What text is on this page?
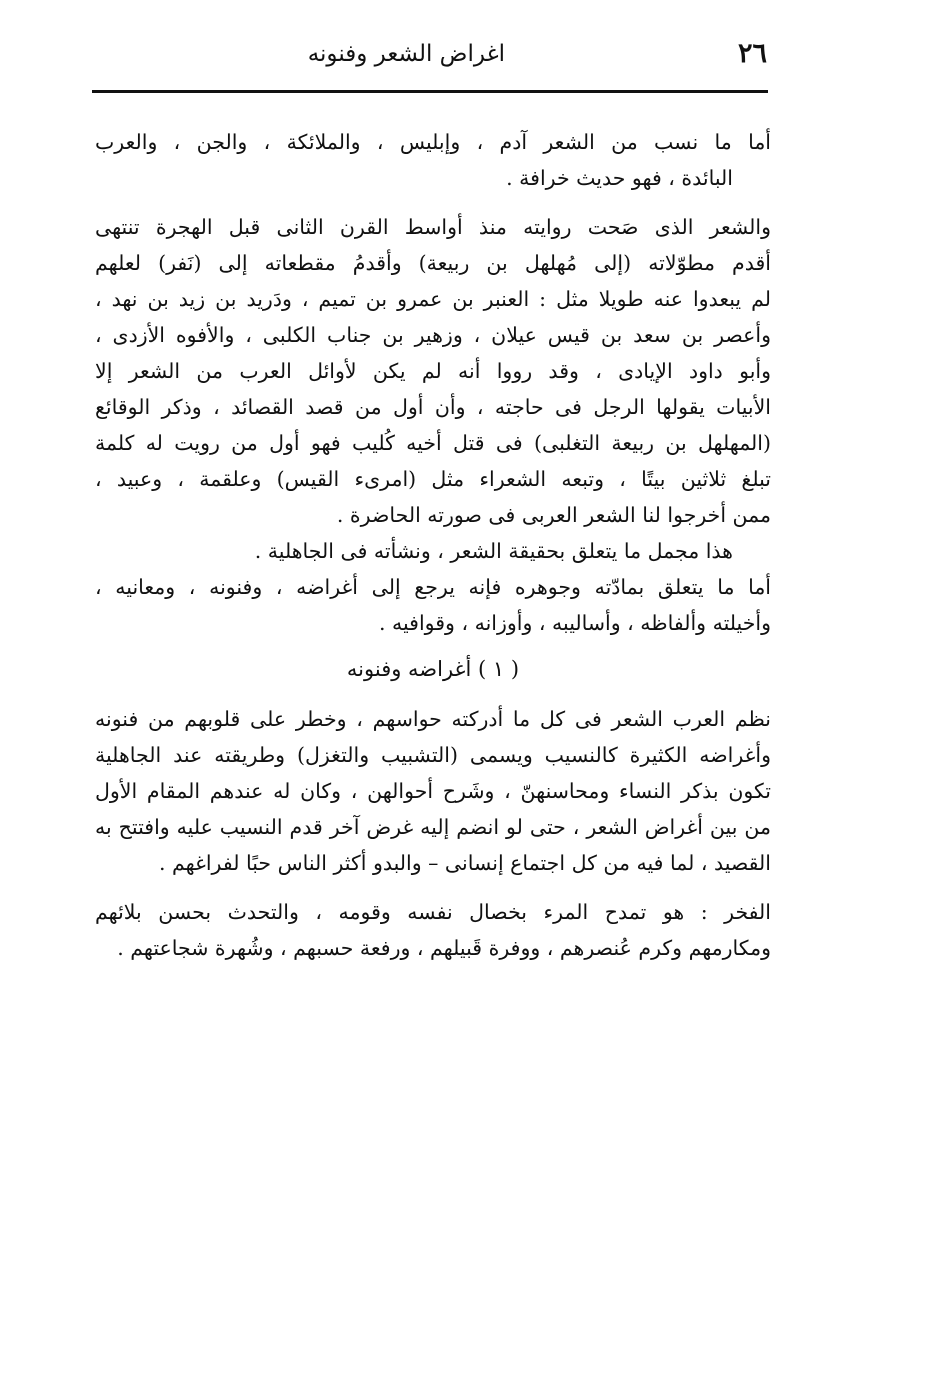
٢٦
اغراض الشعر وفنونه
أما ما نسب من الشعر آدم ، وإبليس ، والملائكة ، والجن ، والعرب
البائدة ، فهو حديث خرافة .
والشعر الذى صَحت روايته منذ أواسط القرن الثانى قبل الهجرة تنتهى
أقدم مطوّلاته (إلى مُهلهل بن ربيعة) وأقدمُ مقطعاته إلى (نَفر) لعلهم
لم يبعدوا عنه طويلا مثل : العنبر بن عمرو بن تميم ، ودَريد بن زيد بن نهد ،
وأعصر بن سعد بن قيس عيلان ، وزهير بن جناب الكلبى ، والأفوه الأزدى ،
وأبو داود الإيادى ، وقد رووا أنه لم يكن لأوائل العرب من الشعر إلا
الأبيات يقولها الرجل فى حاجته ، وأن أول من قصد القصائد ، وذكر الوقائع
(المهلهل بن ربيعة التغلبى) فى قتل أخيه كُليب فهو أول من رويت له كلمة
تبلغ ثلاثين بيتًا ، وتبعه الشعراء مثل (امرىء القيس) وعلقمة ، وعبيد ،
ممن أخرجوا لنا الشعر العربى فى صورته الحاضرة .
هذا مجمل ما يتعلق بحقيقة الشعر ، ونشأته فى الجاهلية .
أما ما يتعلق بمادّته وجوهره فإنه يرجع إلى أغراضه ، وفنونه ، ومعانيه ،
وأخيلته وألفاظه ، وأساليبه ، وأوزانه ، وقوافيه .
( ١ ) أغراضه وفنونه
نظم العرب الشعر فى كل ما أدركته حواسهم ، وخطر على قلوبهم من فنونه
وأغراضه الكثيرة كالنسيب ويسمى (التشبيب والتغزل) وطريقته عند الجاهلية
تكون بذكر النساء ومحاسنهنّ ، وشَرح أحوالهن ، وكان له عندهم المقام الأول
من بين أغراض الشعر ، حتى لو انضم إليه غرض آخر قدم النسيب عليه وافتتح به
القصيد ، لما فيه من كل اجتماع إنسانى – والبدو أكثر الناس حبًا لفراغهم .
الفخر : هو تمدح المرء بخصال نفسه وقومه ، والتحدث بحسن بلائهم
ومكارمهم وكرم عُنصرهم ، ووفرة قَبيلهم ، ورفعة حسبهم ، وشُهرة شجاعتهم .
